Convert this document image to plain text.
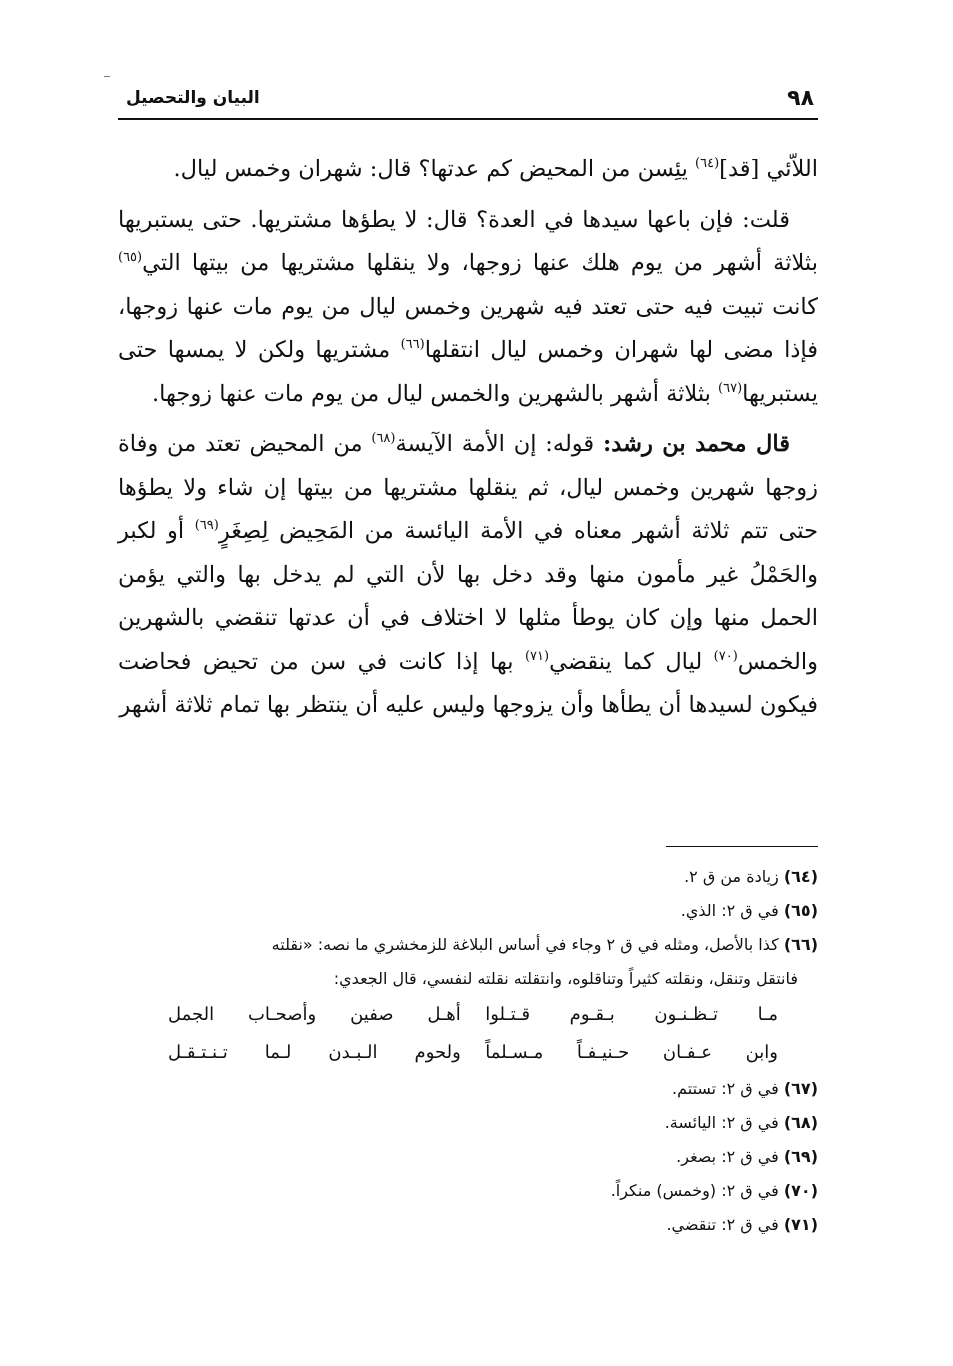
٩٨
البيان والتحصيل

اللاّئي [قد]$^{(٦٤)}$ يئِسن من المحيض كم عدتها؟ قال: شهران وخمس ليال.

قلت: فإن باعها سيدها في العدة؟ قال: لا يطؤها مشتريها. حتى يستبريها بثلاثة أشهر من يوم هلك عنها زوجها، ولا ينقلها مشتريها من بيتها التي$^{(٦٥)}$ كانت تبيت فيه حتى تعتد فيه شهرين وخمس ليال من يوم مات عنها زوجها، فإذا مضى لها شهران وخمس ليال انتقلها$^{(٦٦)}$ مشتريها ولكن لا يمسها حتى يستبريها$^{(٦٧)}$ بثلاثة أشهر بالشهرين والخمس ليال من يوم مات عنها زوجها.

قال محمد بن رشد: قوله: إن الأمة الآيسة$^{(٦٨)}$ من المحيض تعتد من وفاة زوجها شهرين وخمس ليال، ثم ينقلها مشتريها من بيتها إن شاء ولا يطؤها حتى تتم ثلاثة أشهر معناه في الأمة اليائسة من المَحِيض لِصِغَرٍ$^{(٦٩)}$ أو لكبر والحَمْلُ غير مأمون منها وقد دخل بها لأن التي لم يدخل بها والتي يؤمن الحمل منها وإن كان يوطأ مثلها لا اختلاف في أن عدتها تنقضي بالشهرين والخمس$^{(٧٠)}$ ليال كما ينقضي$^{(٧١)}$ بها إذا كانت في سن من تحيض فحاضت فيكون لسيدها أن يطأها وأن يزوجها وليس عليه أن ينتظر بها تمام ثلاثة أشهر

(٦٤) زيادة من ق ٢.

(٦٥) في ق ٢: الذي.

(٦٦) كذا بالأصل، ومثله في ق ٢ وجاء في أساس البلاغة للزمخشري ما نصه: «نقلته

فانتقل وتنقل، ونقلته كثيراً وتناقلوه، وانتقلته نقلته لنفسي، قال الجعدي:

مـا تـظـنـون بـقـوم قـتـلوا
أهـل صفين وأصحـاب الجمل
وابن عـفـان حـنيـفـاً مـسـلماً
ولحوم الـبـدن لـما تـنـتـقـل

(٦٧) في ق ٢: تستتم.

(٦٨) في ق ٢: اليائسة.

(٦٩) في ق ٢: بصغر.

(٧٠) في ق ٢: (وخمس) منكراً.

(٧١) في ق ٢: تنقضي.
